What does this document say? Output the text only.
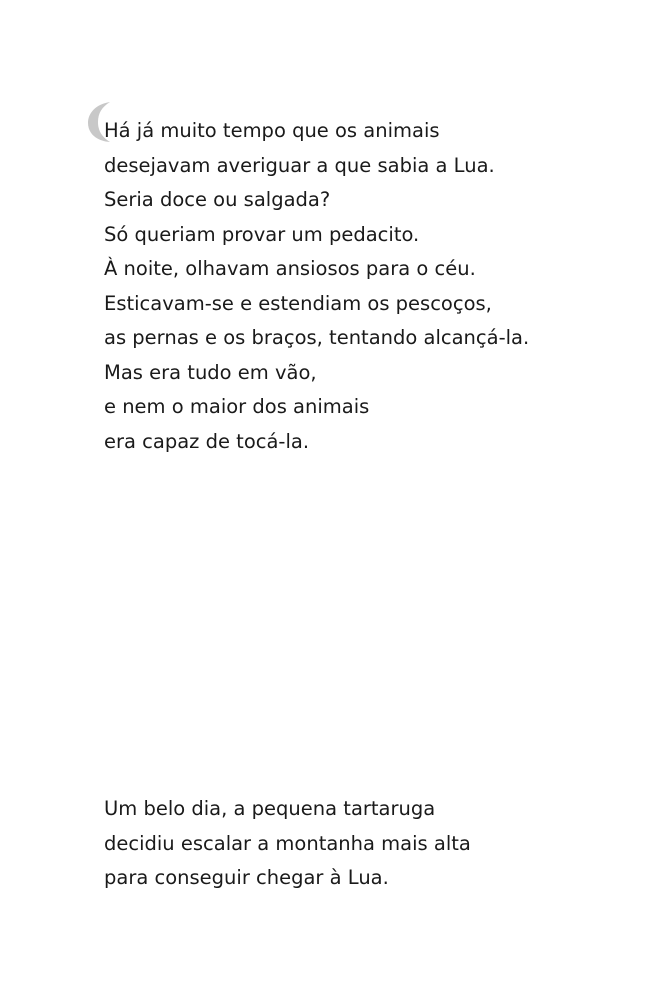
Há já muito tempo que os animais
desejavam averiguar a que sabia a Lua.
Seria doce ou salgada?
Só queriam provar um pedacito.
À noite, olhavam ansiosos para o céu.
Esticavam-se e estendiam os pescoços,
as pernas e os braços, tentando alcançá-la.
Mas era tudo em vão,
e nem o maior dos animais
era capaz de tocá-la.
Um belo dia, a pequena tartaruga
decidiu escalar a montanha mais alta
para conseguir chegar à Lua.
